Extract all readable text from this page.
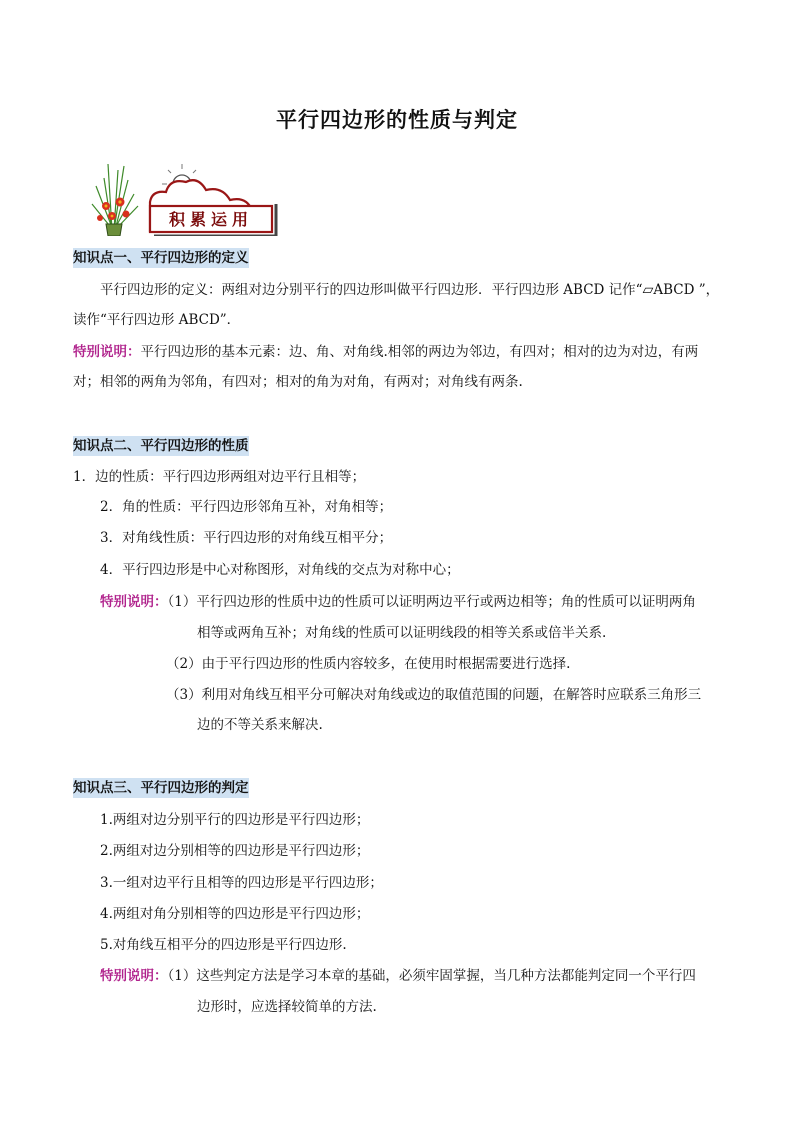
平行四边形的性质与判定
积累运用
知识点一、平行四边形的定义
平行四边形的定义：两组对边分别平行的四边形叫做平行四边形．平行四边形 ABCD 记作“▱ABCD ”，
读作“平行四边形 ABCD”．
特别说明：平行四边形的基本元素：边、角、对角线.相邻的两边为邻边，有四对；相对的边为对边，有两
对；相邻的两角为邻角，有四对；相对的角为对角，有两对；对角线有两条.
知识点二、平行四边形的性质
1．边的性质：平行四边形两组对边平行且相等；
2．角的性质：平行四边形邻角互补，对角相等；
3．对角线性质：平行四边形的对角线互相平分；
4．平行四边形是中心对称图形，对角线的交点为对称中心；
特别说明：（1）平行四边形的性质中边的性质可以证明两边平行或两边相等；角的性质可以证明两角
相等或两角互补；对角线的性质可以证明线段的相等关系或倍半关系.
（2）由于平行四边形的性质内容较多，在使用时根据需要进行选择.
（3）利用对角线互相平分可解决对角线或边的取值范围的问题，在解答时应联系三角形三
边的不等关系来解决.
知识点三、平行四边形的判定
1.两组对边分别平行的四边形是平行四边形；
2.两组对边分别相等的四边形是平行四边形；
3.一组对边平行且相等的四边形是平行四边形；
4.两组对角分别相等的四边形是平行四边形；
5.对角线互相平分的四边形是平行四边形.
特别说明：（1）这些判定方法是学习本章的基础，必须牢固掌握，当几种方法都能判定同一个平行四
边形时，应选择较简单的方法.
